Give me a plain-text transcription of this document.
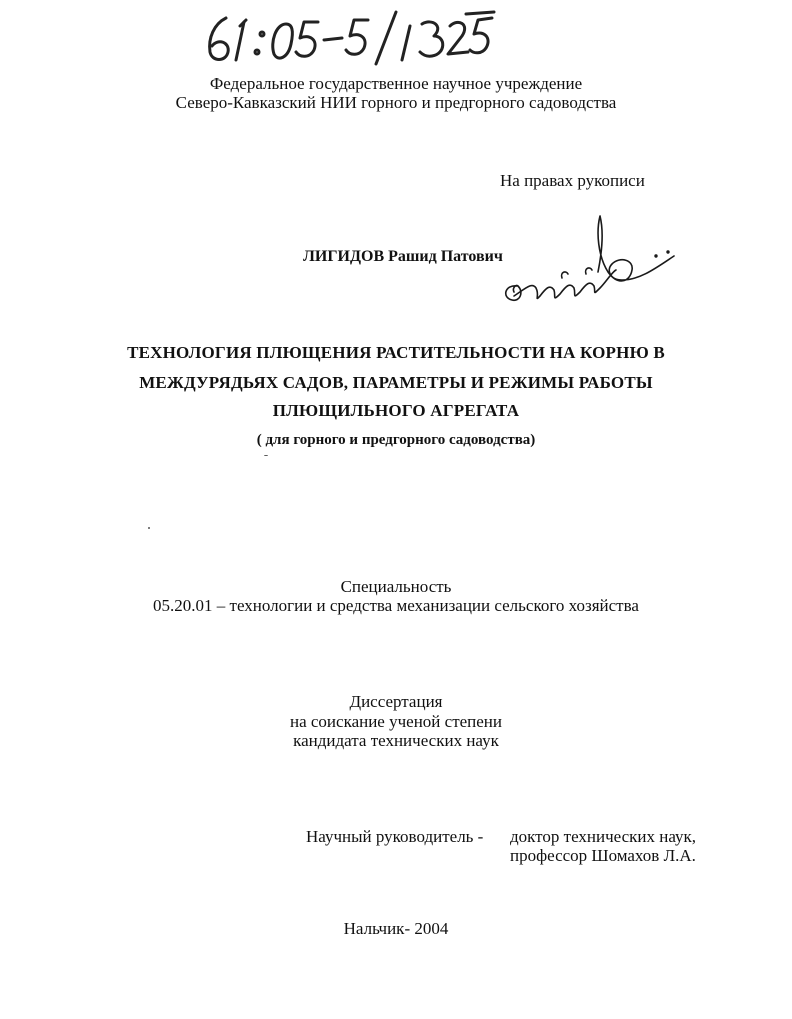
Федеральное государственное научное учреждение
Северо-Кавказский НИИ горного и предгорного садоводства
На правах рукописи
ЛИГИДОВ Рашид Патович
ТЕХНОЛОГИЯ ПЛЮЩЕНИЯ РАСТИТЕЛЬНОСТИ НА КОРНЮ В
МЕЖДУРЯДЬЯХ САДОВ, ПАРАМЕТРЫ И РЕЖИМЫ РАБОТЫ
ПЛЮЩИЛЬНОГО АГРЕГАТА
( для горного и предгорного садоводства)
Специальность
05.20.01 – технологии и средства механизации сельского хозяйства
Диссертация
на соискание ученой степени
кандидата технических наук
Научный руководитель - доктор технических наук,
профессор Шомахов Л.А.
Нальчик- 2004
